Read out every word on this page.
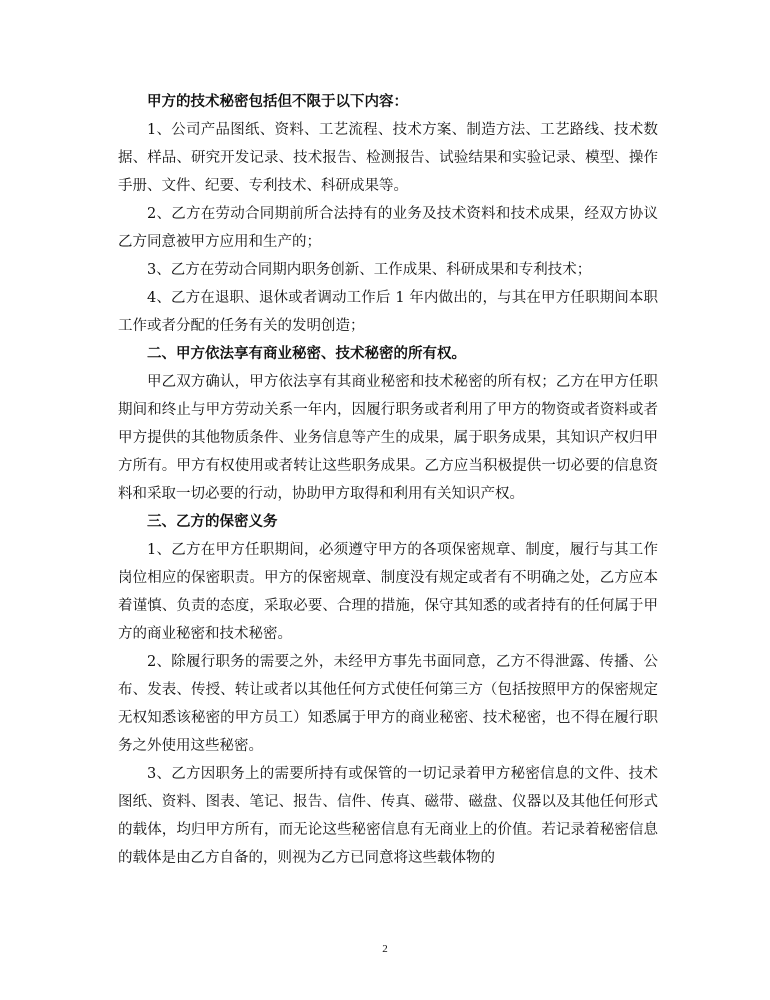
甲方的技术秘密包括但不限于以下内容：

1、公司产品图纸、资料、工艺流程、技术方案、制造方法、工艺路线、技术数据、样品、研究开发记录、技术报告、检测报告、试验结果和实验记录、模型、操作手册、文件、纪要、专利技术、科研成果等。

2、乙方在劳动合同期前所合法持有的业务及技术资料和技术成果，经双方协议乙方同意被甲方应用和生产的；

3、乙方在劳动合同期内职务创新、工作成果、科研成果和专利技术；

4、乙方在退职、退休或者调动工作后 1 年内做出的，与其在甲方任职期间本职工作或者分配的任务有关的发明创造；

二、甲方依法享有商业秘密、技术秘密的所有权。

甲乙双方确认，甲方依法享有其商业秘密和技术秘密的所有权；乙方在甲方任职期间和终止与甲方劳动关系一年内，因履行职务或者利用了甲方的物资或者资料或者甲方提供的其他物质条件、业务信息等产生的成果，属于职务成果，其知识产权归甲方所有。甲方有权使用或者转让这些职务成果。乙方应当积极提供一切必要的信息资料和采取一切必要的行动，协助甲方取得和利用有关知识产权。

三、乙方的保密义务

1、乙方在甲方任职期间，必须遵守甲方的各项保密规章、制度，履行与其工作岗位相应的保密职责。甲方的保密规章、制度没有规定或者有不明确之处，乙方应本着谨慎、负责的态度，采取必要、合理的措施，保守其知悉的或者持有的任何属于甲方的商业秘密和技术秘密。

2、除履行职务的需要之外，未经甲方事先书面同意，乙方不得泄露、传播、公布、发表、传授、转让或者以其他任何方式使任何第三方（包括按照甲方的保密规定无权知悉该秘密的甲方员工）知悉属于甲方的商业秘密、技术秘密，也不得在履行职务之外使用这些秘密。

3、乙方因职务上的需要所持有或保管的一切记录着甲方秘密信息的文件、技术图纸、资料、图表、笔记、报告、信件、传真、磁带、磁盘、仪器以及其他任何形式的载体，均归甲方所有，而无论这些秘密信息有无商业上的价值。若记录着秘密信息的载体是由乙方自备的，则视为乙方已同意将这些载体物的

2
